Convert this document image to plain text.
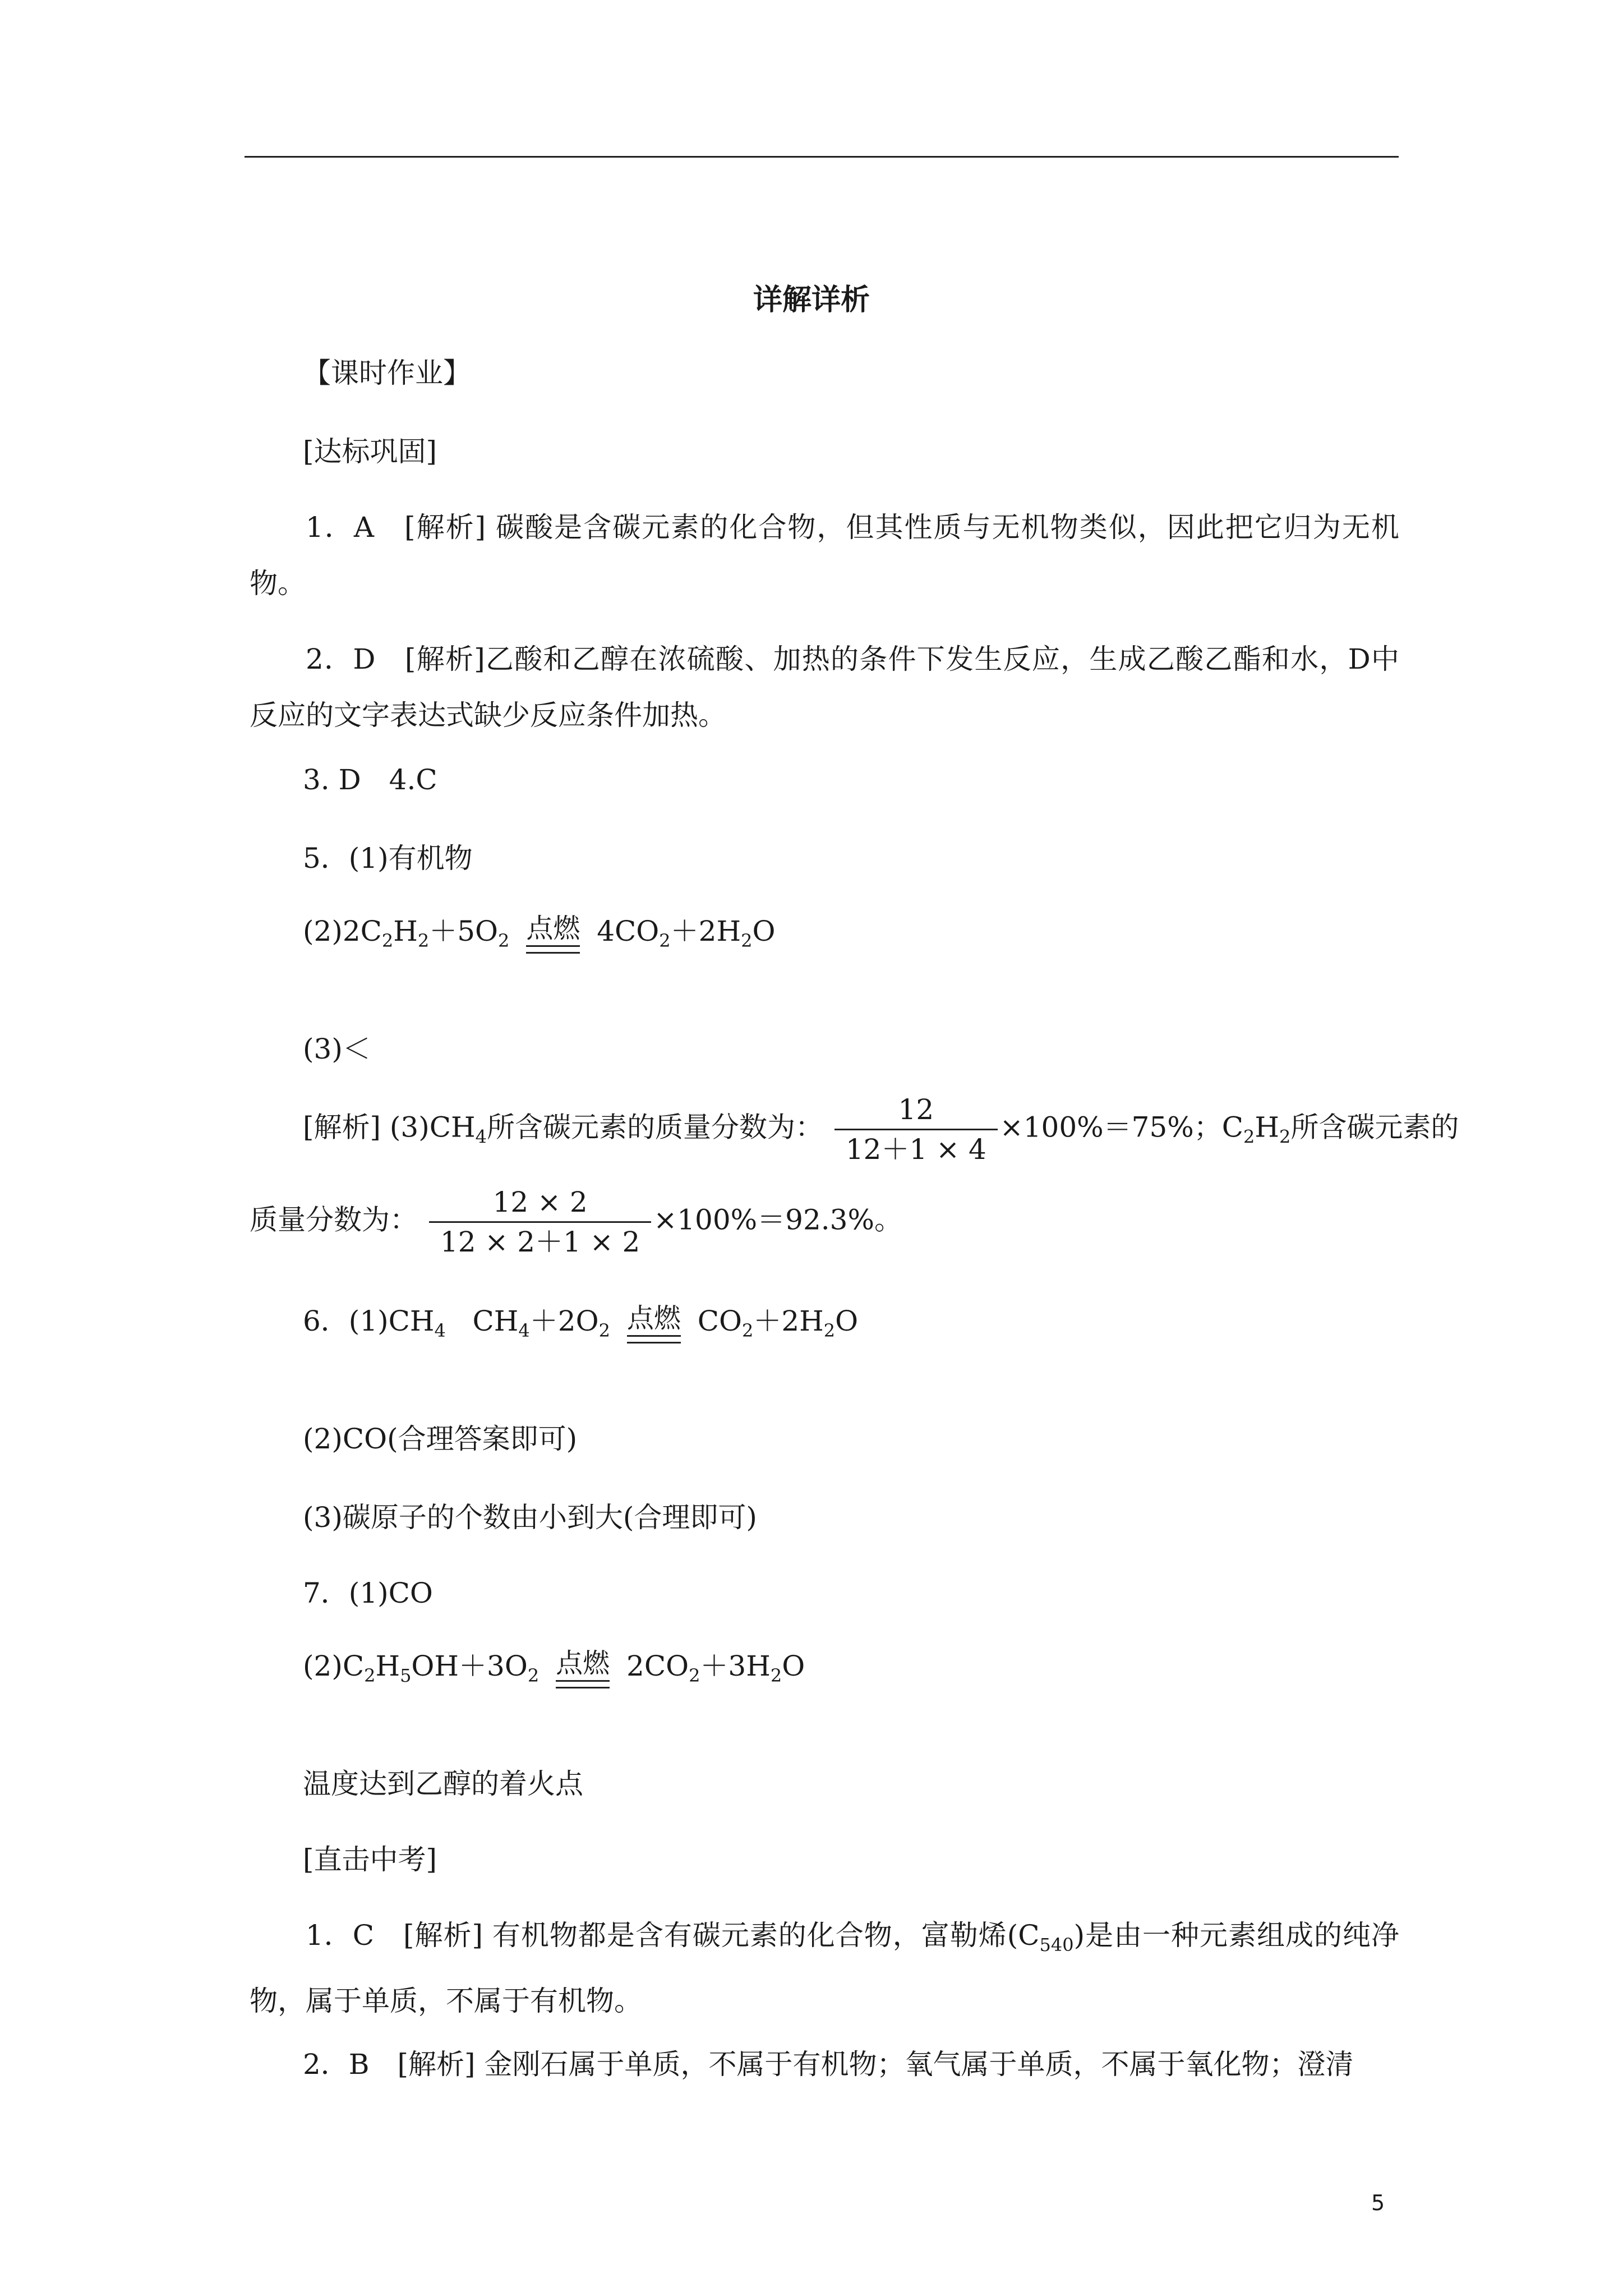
详解详析
【课时作业】
[达标巩固]
1．A　[解析] 碳酸是含碳元素的化合物，但其性质与无机物类似，因此把它归为无机物。
2．D　[解析]乙酸和乙醇在浓硫酸、加热的条件下发生反应，生成乙酸乙酯和水，D中反应的文字表达式缺少反应条件加热。
3. D　4.C
5．(1)有机物
$(2)2C_2H_2+5O_2$ 点燃 $4CO_2+2H_2O$
(3)＜
[解析] $(3)CH_4$所含碳元素的质量分数为： $\frac{12}{12+1 \times 4} \times 100\%=75\%$；$C_2H_2$所含碳元素的
质量分数为： $\frac{12 \times 2}{12 \times 2+1 \times 2} \times 100\%=92.3\%$。
6．$(1)CH_4$   $CH_4+2O_2$ 点燃 $CO_2+2H_2O$
(2)CO(合理答案即可)
(3)碳原子的个数由小到大(合理即可)
7．(1)CO
$(2)C_2H_5OH+3O_2$ 点燃 $2CO_2+3H_2O$
温度达到乙醇的着火点
[直击中考]
1．C　[解析] 有机物都是含有碳元素的化合物，富勒烯$(C_{540})$是由一种元素组成的纯净物，属于单质，不属于有机物。
2．B　[解析] 金刚石属于单质，不属于有机物；氧气属于单质，不属于氧化物；澄清
5
